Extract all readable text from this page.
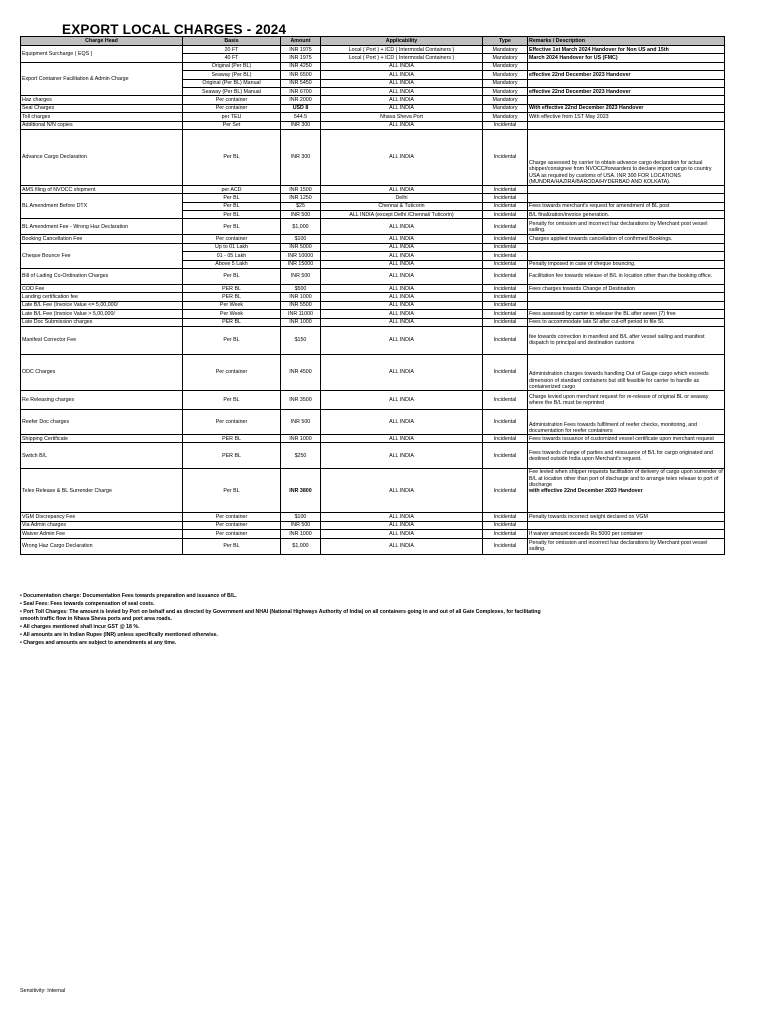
EXPORT LOCAL CHARGES - 2024
Charge Head	Basis	Amount	Applicability	Type	Remarks / Description
Equipment Surcharge ( EQS )	20 FT	INR 1975	Local ( Port ) + ICD ( Intermodal Containers )	Mandatory	Effective 1st March 2024 Handover for Non US and 15th
	40 FT	INR 1975	Local ( Port ) + ICD ( Intermodal Containers )	Mandatory	March 2024 Handover for US (FMC)
Export Container Facilitation & Admin Charge	Original (Per BL)	INR 4250	ALL INDIA	Mandatory	
	Seaway (Per BL)	INR 6500	ALL INDIA	Mandatory	effective 22nd December 2023 Handover
	Original (Per BL) Manual	INR 5450	ALL INDIA	Mandatory	
	Seaway (Per BL) Manual	INR 6700	ALL INDIA	Mandatory	effective 22nd December 2023 Handover
Haz charges	Per container	INR 2000	ALL INDIA	Mandatory	
Seal Charges	Per container	USD 8	ALL INDIA	Mandatory	With effective 22nd December 2023 Handover
Toll charges	per TEU	544.5	Nhava Sheva Port	Mandatory	With effective from 1ST May 2023
Additional N/N copies	Per Set	INR 300	ALL INDIA	Incidental	
Advance Cargo Declaration	Per BL	INR 300	ALL INDIA	Incidental	Charge assessed by carrier to obtain advance cargo declaration for actual shipper/consignee from NVOCC/forwarders to declare import cargo to country USA as required by customs of USA. INR 300 FOR LOCATIONS (MUNDRA/HAZIRA/BARODA/HYDERBAD AND KOLKATA).
AMS filing of NVOCC shipment	per ACD	INR 1500	ALL INDIA	Incidental	
BL Amendment Before DTX	Per BL	INR 1250	Delhi	Incidental	
	Per BL	$25	Chennai & Tuticorin	Incidental	Fees towards merchant's request for amendment of BL post
	Per BL	INR 500	ALL INDIA (except Delhi /Chennai/ Tuticorin)	Incidental	B/L finalization/invoice generation.
BL Amendment Fee - Wrong Haz Declaration	Per BL	$1,000	ALL INDIA	Incidental	Penalty for omission and incorrect haz declarations by Merchant post vessel sailing.
Booking Cancellation Fee	Per container	$100	ALL INDIA	Incidental	Charges applied towards cancellation of confirmed Bookings.
Cheque Bounce Fee	Up to 01 Lakh	INR 5000	ALL INDIA	Incidental	
	01 - 05 Lakh	INR 10000	ALL INDIA	Incidental	
	Above 5 Lakh	INR 15000	ALL INDIA	Incidental	Penalty imposed in case of cheque bouncing.
Bill of Lading Co-Ordination Charges	Per BL	INR 500	ALL INDIA	Incidental	Facilitation fee towards release of B/L in location other than the booking office.
COD Fee	PER BL	$500	ALL INDIA	Incidental	Fees charges towards Change of Destination
Landing certification fee	PER BL	INR 1000	ALL INDIA	Incidental	
Late B/L Fee (Invoice Value <= 5,00,000/	Per Week	INR 5500	ALL INDIA	Incidental	
Late B/L Fee (Invoice Value > 5,00,000/	Per Week	INR 11000	ALL INDIA	Incidental	Fees assessed by carrier to release the BL after seven (7) free
Late Doc Submission charges	PER BL	INR 1000	ALL INDIA	Incidental	Fees to accommodate late SI after cut-off period to file SI.
Manifest Corrector Fee	Per BL	$150	ALL INDIA	Incidental	fee towards correction in manifest and B/L after vessel sailing and manifest dispatch to principal and destination customs
ODC Charges	Per container	INR 4500	ALL INDIA	Incidental	Administration charges towards handling Out of Gauge cargo which exceeds dimension of standard containers but still feasible for carrier to handle as containerized cargo
Re Releasing charges	Per BL	INR 3500	ALL INDIA	Incidental	Charge levied upon merchant request for re-release of original BL or seaway where the B/L must be reprinted
Reefer Doc charges	Per container	INR 500	ALL INDIA	Incidental	Administration Fees towards fulfilment of reefer checks, monitoring, and documentation for reefer containers
Shipping Certificate	PER BL	INR 1000	ALL INDIA	Incidental	Fees towards issuance of customized vessel certificate upon merchant request
Switch B/L	PER BL	$250	ALL INDIA	Incidental	Fees towards change of parties and reissuance of B/L for cargo originated and destined outside India upon Merchant's request.
Telex Release & BL Surrender Charge	Per BL	INR 3800	ALL INDIA	Incidental	Fee levied when shipper requests facilitation of delivery of cargo upon surrender of B/L at location other than port of discharge and to arrange telex release to port of discharge
with effective 22nd December 2023 Handover
VGM Discrepancy Fee	Per container	$100	ALL INDIA	Incidental	Penalty towards incorrect weight declared on VGM
Via Admin charges	Per container	INR 500	ALL INDIA	Incidental	
Waiver Admin Fee	Per container	INR 1000	ALL INDIA	Incidental	If waiver amount exceeds Rs 5000 per container
Wrong Haz Cargo Declaration	Per BL	$1,000	ALL INDIA	Incidental	Penalty for omission and incorrect haz declarations by Merchant post vessel sailing.
• Documentation charge: Documentation Fees towards preparation and issuance of B/L.
• Seal Fees: Fees towards compensation of seal costs.
• Port Toll Charges: The amount is levied by Port on behalf and as directed by Government and NHAI (National Highways Authority of India) on all containers going in and out of all Gate Complexes, for facilitating
smooth traffic flow in Nhava Sheva ports and port area roads.
• All charges mentioned shall incur GST @ 18 %.
• All amounts are in Indian Rupee (INR) unless specifically mentioned otherwise.
• Charges and amounts are subject to amendments at any time.
Sensitivity: Internal
